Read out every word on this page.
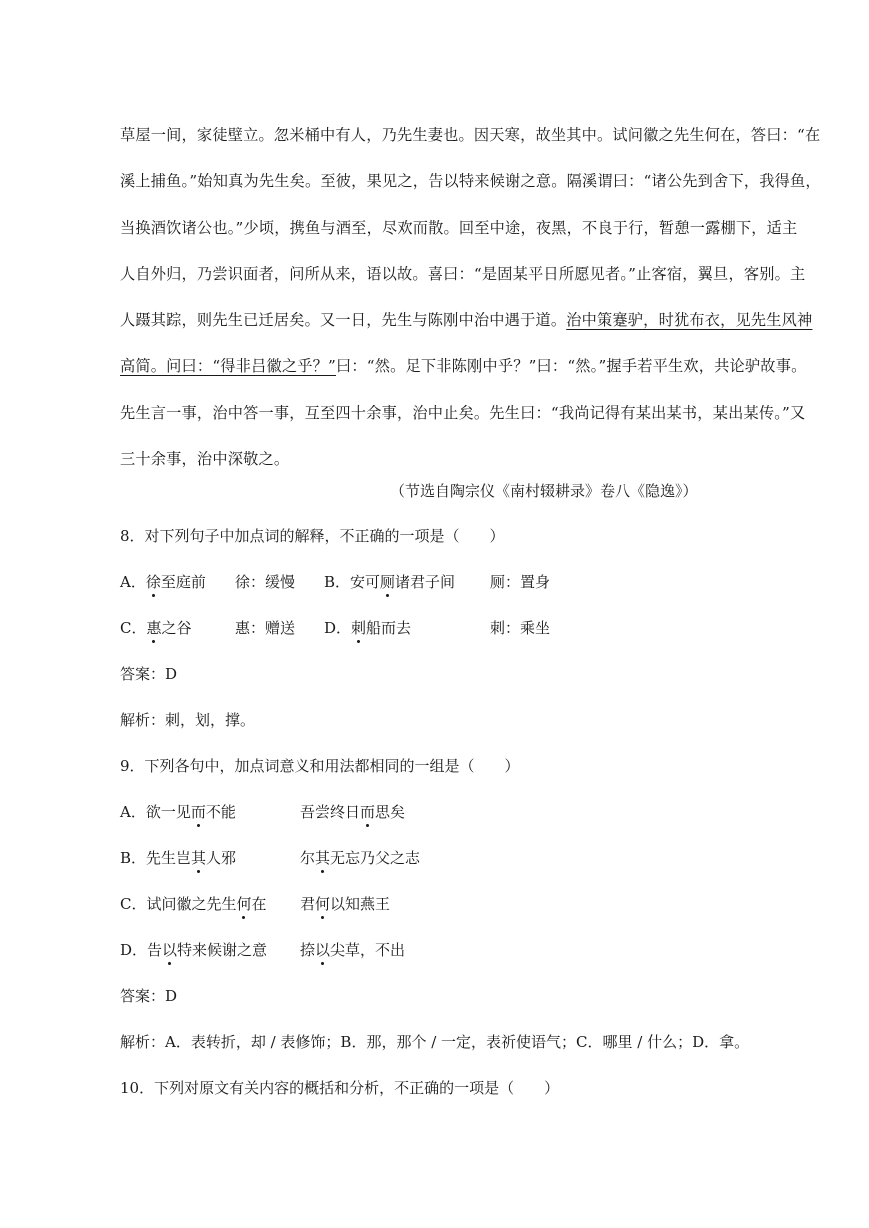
草屋一间，家徒壁立。忽米桶中有人，乃先生妻也。因天寒，故坐其中。试问徽之先生何在，答曰：“在
溪上捕鱼。”始知真为先生矣。至彼，果见之，告以特来候谢之意。隔溪谓曰：“诸公先到舍下，我得鱼，
当换酒饮诸公也。”少顷，携鱼与酒至，尽欢而散。回至中途，夜黑，不良于行，暂憩一露棚下，适主
人自外归，乃尝识面者，问所从来，语以故。喜曰：“是固某平日所愿见者。”止客宿，翼旦，客别。主
人蹑其踪，则先生已迁居矣。又一日，先生与陈刚中治中遇于道。治中策蹇驴，时犹布衣，见先生风神
高简。问曰：“得非吕徽之乎？”曰：“然。足下非陈刚中乎？”曰：“然。”握手若平生欢，共论驴故事。
先生言一事，治中答一事，互至四十余事，治中止矣。先生曰：“我尚记得有某出某书，某出某传。”又
三十余事，治中深敬之。
（节选自陶宗仪《南村辍耕录》卷八《隐逸》）
8．对下列句子中加点词的解释，不正确的一项是（　　）
A．徐至庭前 徐：缓慢 B．安可厕诸君子间 厕：置身
C．惠之谷	惠：赠送 D．刺船而去	刺：乘坐
答案：D
解析：刺，划，撑。
9．下列各句中，加点词意义和用法都相同的一组是（　　）
A．欲一见而不能	吾尝终日而思矣
B．先生岂其人邪	尔其无忘乃父之志
C．试问徽之先生何在 君何以知燕王
D．告以特来候谢之意 捺以尖草，不出
答案：D
解析：A．表转折，却 / 表修饰；B．那，那个 / 一定，表祈使语气；C．哪里 / 什么；D．拿。
10．下列对原文有关内容的概括和分析，不正确的一项是（　　）
